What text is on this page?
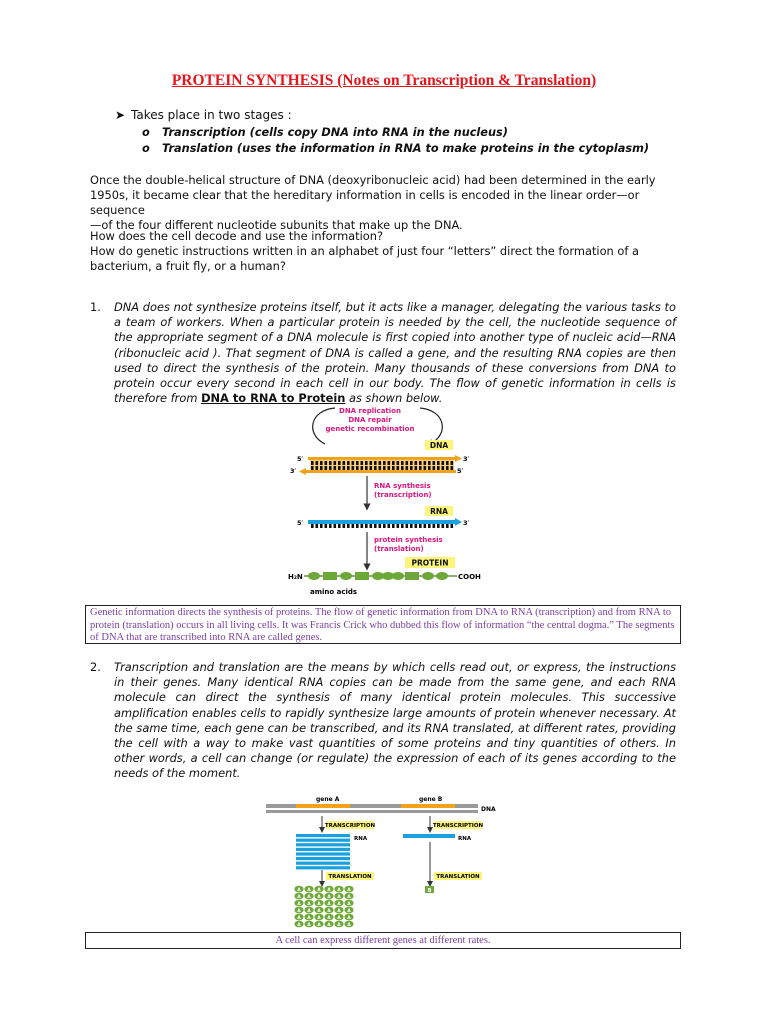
PROTEIN SYNTHESIS (Notes on Transcription & Translation)
➤ Takes place in two stages :
o	Transcription (cells copy DNA into RNA in the nucleus)
o	Translation (uses the information in RNA to make proteins in the cytoplasm)
Once the double-helical structure of DNA (deoxyribonucleic acid) had been determined in the early
1950s, it became clear that the hereditary information in cells is encoded in the linear order—or sequence
—of the four different nucleotide subunits that make up the DNA.
How does the cell decode and use the information?
How do genetic instructions written in an alphabet of just four “letters” direct the formation of a
bacterium, a fruit fly, or a human?
1. DNA does not synthesize proteins itself, but it acts like a manager, delegating the various tasks to a team of workers. When a particular protein is needed by the cell, the nucleotide sequence of the appropriate segment of a DNA molecule is first copied into another type of nucleic acid—RNA (ribonucleic acid ). That segment of DNA is called a gene, and the resulting RNA copies are then used to direct the synthesis of the protein. Many thousands of these conversions from DNA to protein occur every second in each cell in our body. The flow of genetic information in cells is therefore from DNA to RNA to Protein as shown below.
DNA replication
DNA repair
genetic recombination
DNA
5′	3′
3′	5′
RNA synthesis
(transcription)
RNA
5′	3′
protein synthesis
(translation)
PROTEIN
H₂N	COOH
amino acids
Genetic information directs the synthesis of proteins. The flow of genetic information from DNA to RNA (transcription) and from RNA to protein (translation) occurs in all living cells. It was Francis Crick who dubbed this flow of information “the central dogma.” The segments of DNA that are transcribed into RNA are called genes.
2. Transcription and translation are the means by which cells read out, or express, the instructions in their genes. Many identical RNA copies can be made from the same gene, and each RNA molecule can direct the synthesis of many identical protein molecules. This successive amplification enables cells to rapidly synthesize large amounts of protein whenever necessary. At the same time, each gene can be transcribed, and its RNA translated, at different rates, providing the cell with a way to make vast quantities of some proteins and tiny quantities of others. In other words, a cell can change (or regulate) the expression of each of its genes according to the needs of the moment.
gene A	gene B
DNA
TRANSCRIPTION	TRANSCRIPTION
RNA	RNA
TRANSLATION	TRANSLATION
A A A A A A
A A A A A A
A A A A A A
A A A A A A
A A A A A A
A A A A A A
B
A cell can express different genes at different rates.
